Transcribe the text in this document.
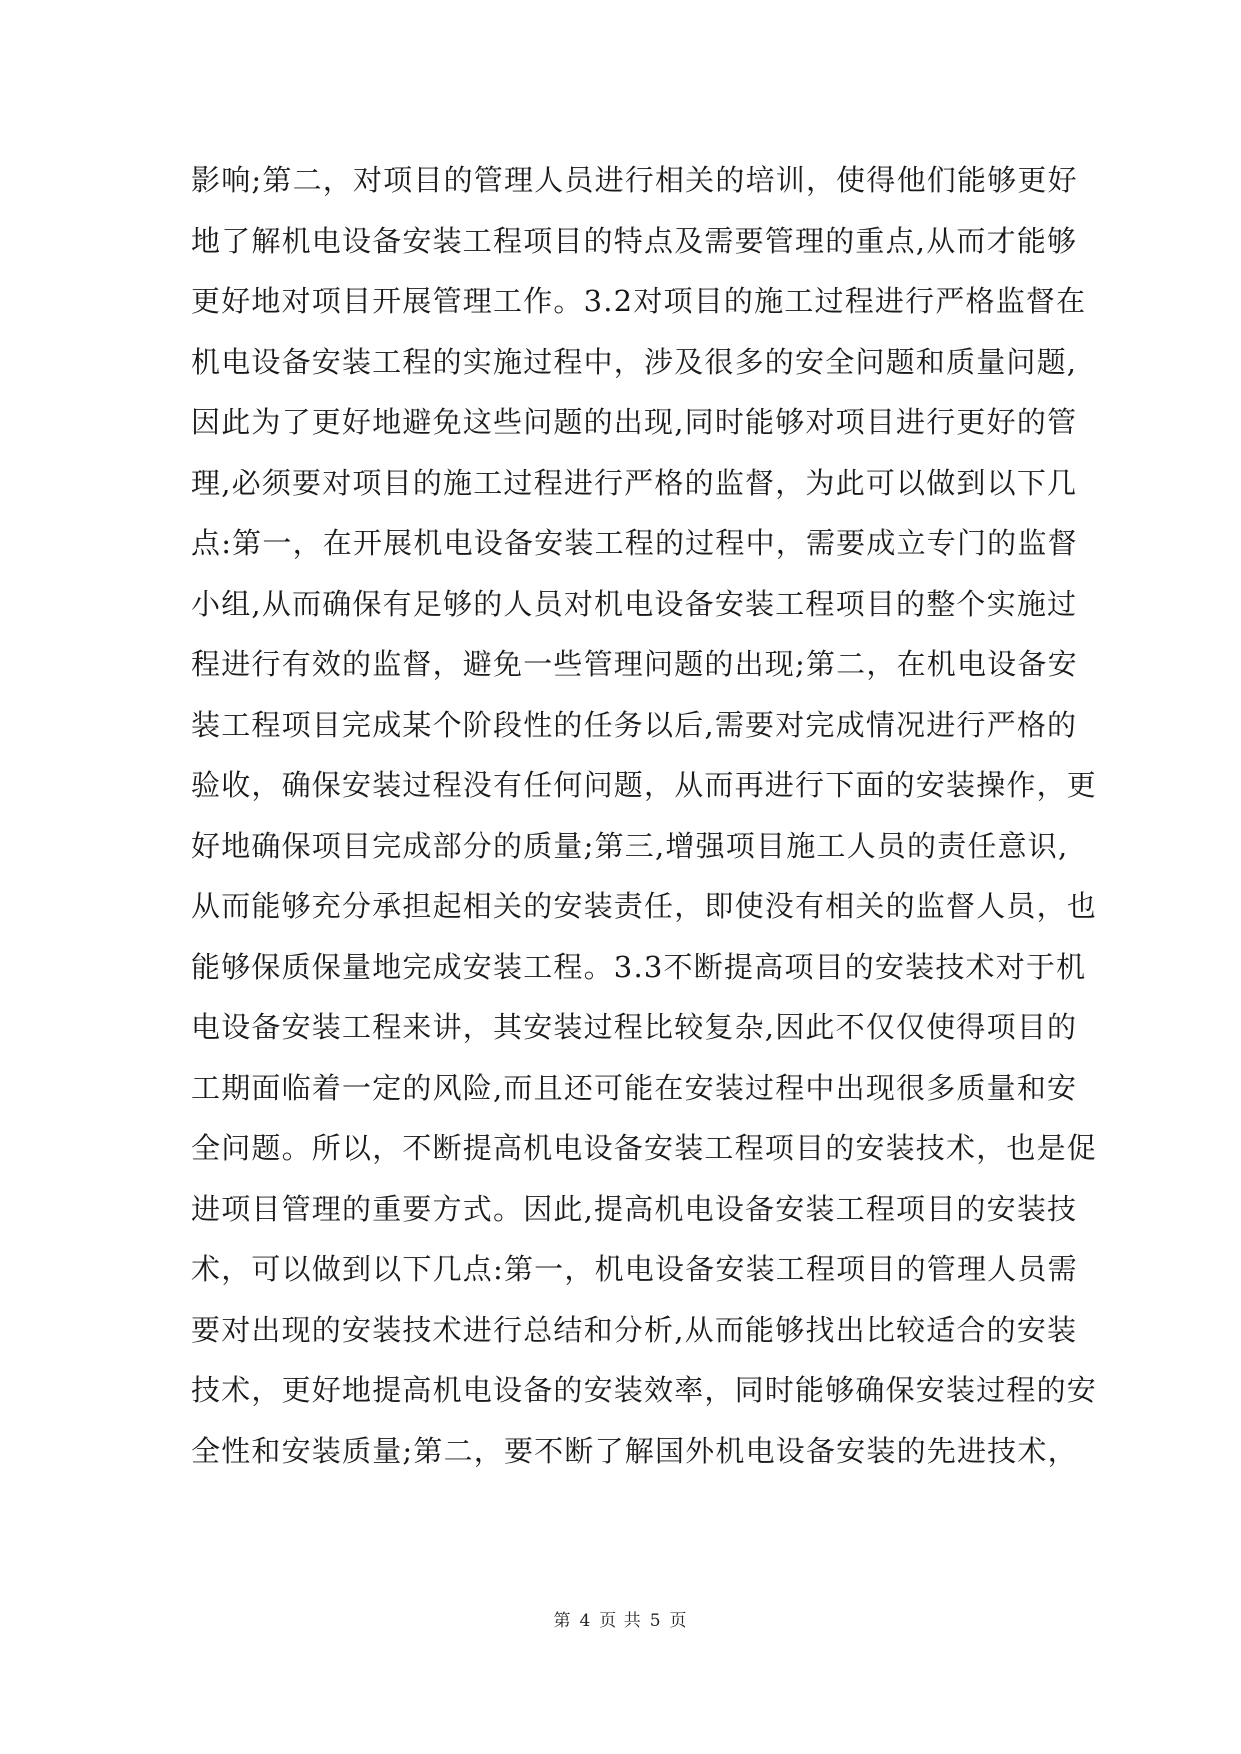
影响;第二，对项目的管理人员进行相关的培训，使得他们能够更好
地了解机电设备安装工程项目的特点及需要管理的重点,从而才能够
更好地对项目开展管理工作。3.2对项目的施工过程进行严格监督在
机电设备安装工程的实施过程中，涉及很多的安全问题和质量问题,
因此为了更好地避免这些问题的出现,同时能够对项目进行更好的管
理,必须要对项目的施工过程进行严格的监督，为此可以做到以下几
点:第一，在开展机电设备安装工程的过程中，需要成立专门的监督
小组,从而确保有足够的人员对机电设备安装工程项目的整个实施过
程进行有效的监督，避免一些管理问题的出现;第二，在机电设备安
装工程项目完成某个阶段性的任务以后,需要对完成情况进行严格的
验收，确保安装过程没有任何问题，从而再进行下面的安装操作，更
好地确保项目完成部分的质量;第三,增强项目施工人员的责任意识,
从而能够充分承担起相关的安装责任，即使没有相关的监督人员，也
能够保质保量地完成安装工程。3.3不断提高项目的安装技术对于机
电设备安装工程来讲，其安装过程比较复杂,因此不仅仅使得项目的
工期面临着一定的风险,而且还可能在安装过程中出现很多质量和安
全问题。所以，不断提高机电设备安装工程项目的安装技术，也是促
进项目管理的重要方式。因此,提高机电设备安装工程项目的安装技
术，可以做到以下几点:第一，机电设备安装工程项目的管理人员需
要对出现的安装技术进行总结和分析,从而能够找出比较适合的安装
技术，更好地提高机电设备的安装效率，同时能够确保安装过程的安
全性和安装质量;第二，要不断了解国外机电设备安装的先进技术，
第 4 页 共 5 页
